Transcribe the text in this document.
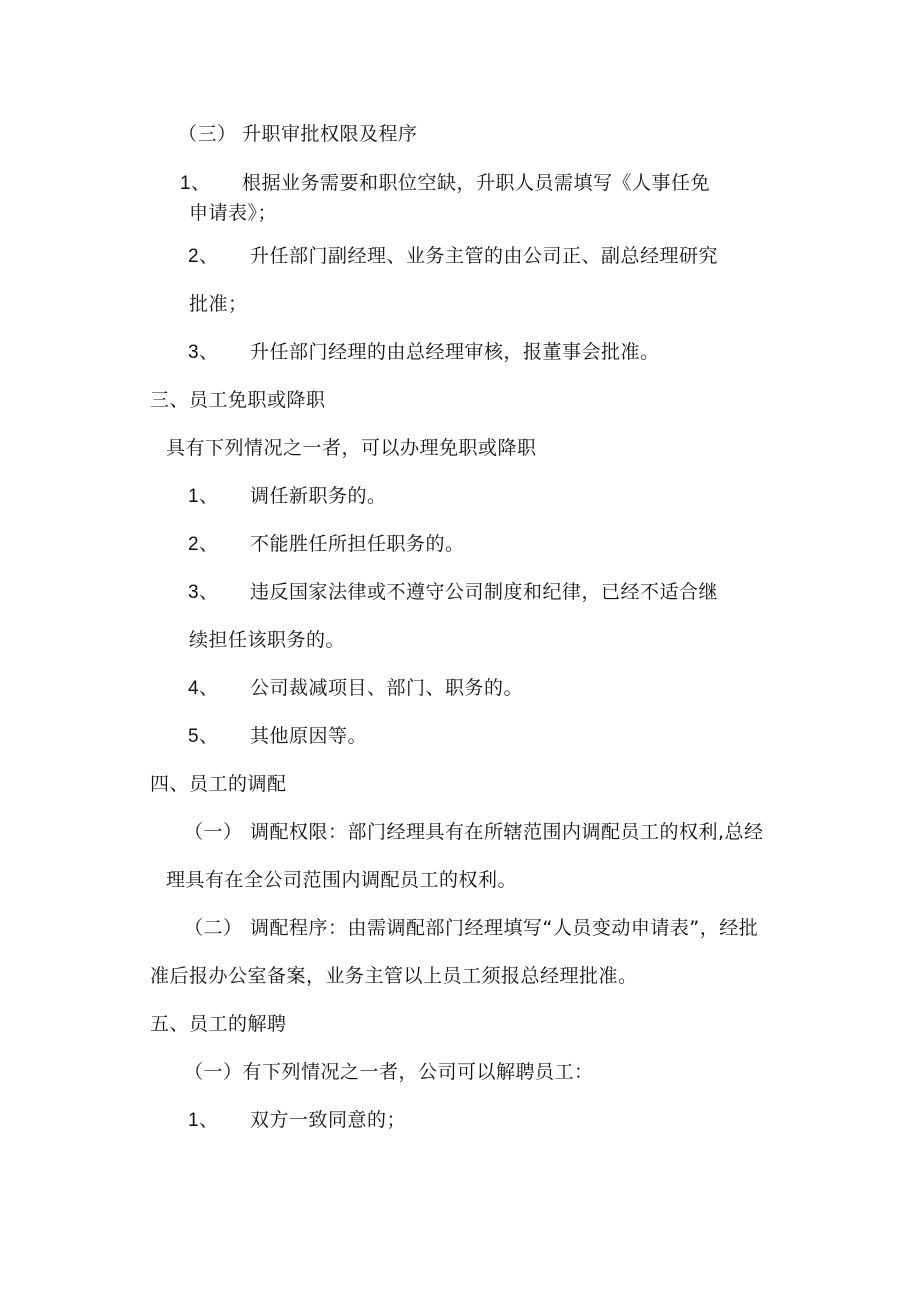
（三） 升职审批权限及程序
1、 根据业务需要和职位空缺，升职人员需填写《人事任免
申请表》；
2、 升任部门副经理、业务主管的由公司正、副总经理研究
批准；
3、 升任部门经理的由总经理审核，报董事会批准。
三、员工免职或降职
具有下列情况之一者，可以办理免职或降职
1、 调任新职务的。
2、 不能胜任所担任职务的。
3、 违反国家法律或不遵守公司制度和纪律，已经不适合继
续担任该职务的。
4、 公司裁减项目、部门、职务的。
5、 其他原因等。
四、员工的调配
（一） 调配权限：部门经理具有在所辖范围内调配员工的权利,总经
理具有在全公司范围内调配员工的权利。
（二） 调配程序：由需调配部门经理填写“人员变动申请表”，经批
准后报办公室备案，业务主管以上员工须报总经理批准。
五、员工的解聘
（一）有下列情况之一者，公司可以解聘员工：
1、 双方一致同意的；
